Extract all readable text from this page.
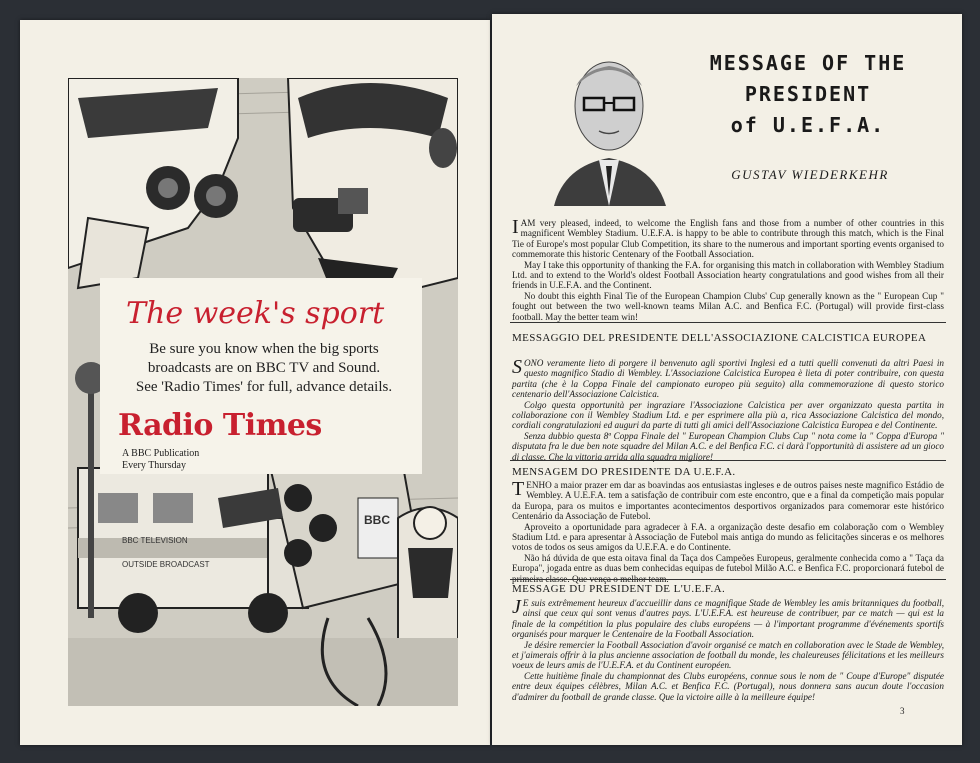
BBC TELEVISION
OUTSIDE BROADCAST
BBC
The week's sport
Be sure you know when the big sports
broadcasts are on BBC TV and Sound.
See 'Radio Times' for full, advance details.
Radio Times
A BBC Publication
Every Thursday
MESSAGE OF THE
PRESIDENT
of U.E.F.A.
GUSTAV WIEDERKEHR

IAM very pleased, indeed, to welcome the English fans and those from a number of other countries in this magnificent Wembley Stadium. U.E.F.A. is happy to be able to contribute through this match, which is the Final Tie of Europe's most popular Club Competition, its share to the numerous and important sporting events organised to commemorate this historic Centenary of the Football Association.

May I take this opportunity of thanking the F.A. for organising this match in collaboration with Wembley Stadium Ltd. and to extend to the World's oldest Football Association hearty congratulations and good wishes from all their friends in U.E.F.A. and the Continent.

No doubt this eighth Final Tie of the European Champion Clubs' Cup generally known as the " European Cup " fought out between the two well-known teams Milan A.C. and Benfica F.C. (Portugal) will provide first-class football. May the better team win!

MESSAGGIO DEL PRESIDENTE DELL'ASSOCIAZIONE CALCISTICA EUROPEA

SONO veramente lieto di porgere il benvenuto agli sportivi Inglesi ed a tutti quelli convenuti da altri Paesi in questo magnifico Stadio di Wembley. L'Associazione Calcistica Europea è lieta di poter contribuire, con questa partita (che è la Coppa Finale del campionato europeo più seguito) alla commemorazione di questo storico centenario dell'Associazione Calcistica.

Colgo questa opportunità per ingraziare l'Associazione Calcistica per aver organizzato questa partita in collaborazione con il Wembley Stadium Ltd. e per esprimere alla più a, rica Associazione Calcistica del mondo, cordiali congratulazioni ed auguri da parte di tutti gli amici dell'Associazione Calcistica Europea e del Continente.

Senza dubbio questa 8ª Coppa Finale del " European Champion Clubs Cup " nota come la " Coppa d'Europa " disputata fra le due ben note squadre del Milan A.C. e del Benfica F.C. ci darà l'opportunità di assistere ad un gioco di classe. Che la vittoria arrida alla squadra migliore!

MENSAGEM DO PRESIDENTE DA U.E.F.A.

TENHO a maior prazer em dar as boavindas aos entusiastas ingleses e de outros paises neste magnifico Estádio de Wembley. A U.E.F.A. tem a satisfação de contribuir com este encontro, que e a final da competição mais popular da Europa, para os muitos e importantes acontecimentos desportivos organizados para comemorar este histórico Centenário da Associação de Futebol.

Aproveito a oportunidade para agradecer à F.A. a organização deste desafio em colaboração com o Wembley Stadium Ltd. e para apresentar à Associação de Futebol mais antiga do mundo as felicitações sinceras e os melhores votos de todos os seus amigos da U.E.F.A. e do Continente.

Não há dúvida de que esta oitava final da Taça dos Campeões Europeus, geralmente conhecida como a " Taça da Europa", jogada entre as duas bem conhecidas equipas de futebol Milão A.C. e Benfica F.C. proporcionará futebol de primeira classe. Que vença o melhor team.

MESSAGE DU PRESIDENT DE L'U.E.F.A.

J E suis extrêmement heureux d'accueillir dans ce magnifique Stade de Wembley les amis britanniques du football, ainsi que ceux qui sont venus d'autres pays. L'U.E.F.A. est heureuse de contribuer, par ce match — qui est la finale de la compétition la plus populaire des clubs européens — à l'important programme d'événements sportifs organisés pour marquer le Centenaire de la Football Association.

Je désire remercier la Football Association d'avoir organisé ce match en collaboration avec le Stade de Wembley, et j'aimerais offrir à la plus ancienne association de football du monde, les chaleureuses félicitations et les meilleurs voeux de leurs amis de l'U.E.F.A. et du Continent européen.

Cette huitième finale du championnat des Clubs européens, connue sous le nom de " Coupe d'Europe" disputée entre deux équipes célèbres, Milan A.C. et Benfica F.C. (Portugal), nous donnera sans aucun doute l'occasion d'admirer du football de grande classe. Que la victoire aille à la meilleure équipe!

3
